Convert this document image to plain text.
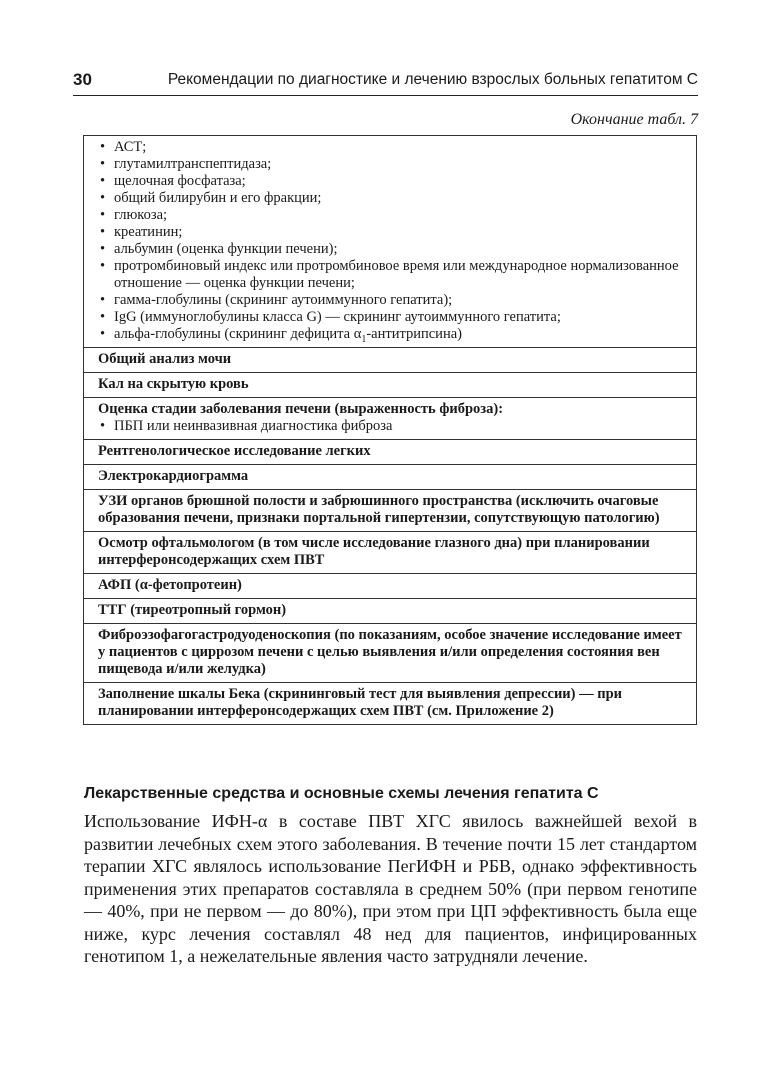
30	Рекомендации по диагностике и лечению взрослых больных гепатитом С
Окончание табл. 7
• АСТ;
• глутамилтранспептидаза;
• щелочная фосфатаза;
• общий билирубин и его фракции;
• глюкоза;
• креатинин;
• альбумин (оценка функции печени);
• протромбиновый индекс или протромбиновое время или международное нормализованное отношение — оценка функции печени;
• гамма-глобулины (скрининг аутоиммунного гепатита);
• IgG (иммуноглобулины класса G) — скрининг аутоиммунного гепатита;
• альфа-глобулины (скрининг дефицита $\alpha_1-антитрипсина$)

Общий анализ мочи
Кал на скрытую кровь

Оценка стадии заболевания печени (выраженность фиброза):
• ПБП или неинвазивная диагностика фиброза

Рентгенологическое исследование легких
Электрокардиограмма
УЗИ органов брюшной полости и забрюшинного пространства (исключить очаговые образования печени, признаки портальной гипертензии, сопутствующую патологию)
Осмотр офтальмологом (в том числе исследование глазного дна) при планировании интерферонсодержащих схем ПВТ
АФП (α-фетопротеин)
ТТГ (тиреотропный гормон)
Фиброэзофагогастродуоденоскопия (по показаниям, особое значение исследование имеет у пациентов с циррозом печени с целью выявления и/или определения состояния вен пищевода и/или желудка)
Заполнение шкалы Бека (скрининговый тест для выявления депрессии) — при планировании интерферонсодержащих схем ПВТ (см. Приложение 2)
Лекарственные средства и основные схемы лечения гепатита С

Использование ИФН-α в составе ПВТ ХГС явилось важнейшей вехой в развитии лечебных схем этого заболевания. В течение почти 15 лет стандартом терапии ХГС являлось использование ПегИФН и РБВ, однако эффективность применения этих препаратов составляла в среднем 50% (при первом генотипе — 40%, при не первом — до 80%), при этом при ЦП эффективность была еще ниже, курс лечения составлял 48 нед для пациентов, инфицированных генотипом 1, а нежелательные явления часто затрудняли лечение.
